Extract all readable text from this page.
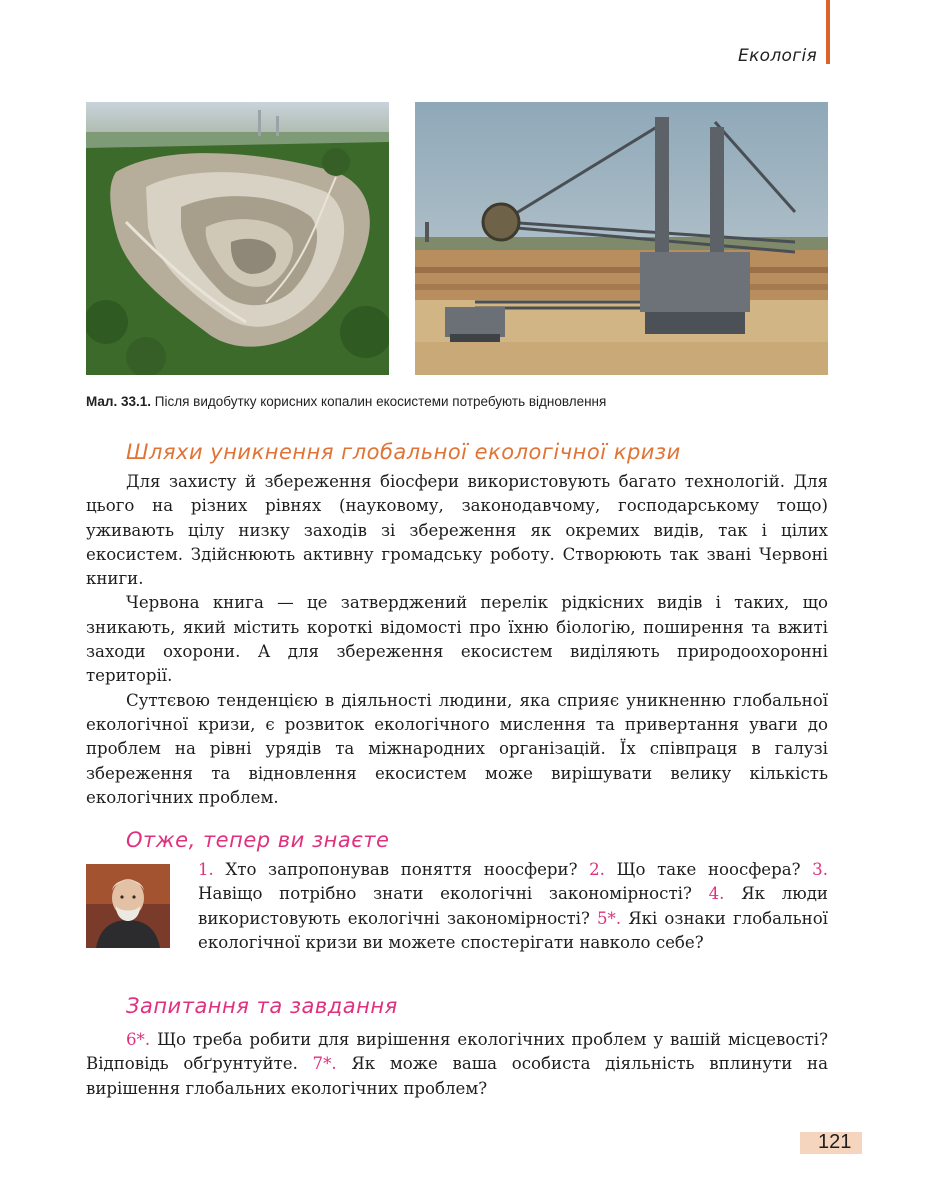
Екологія
Мал. 33.1. Після видобутку корисних копалин екосистеми потребують відновлення
Шляхи уникнення глобальної екологічної кризи

Для захисту й збереження біосфери використовують багато технологій. Для цього на різних рівнях (науковому, законодавчому, господарському тощо) уживають цілу низку заходів зі збереження як окремих видів, так і цілих екосистем. Здійснюють активну громадську роботу. Створюють так звані Червоні книги.

Червона книга — це затверджений перелік рідкісних видів і таких, що зникають, який містить короткі відомості про їхню біологію, поширення та вжиті заходи охорони. А для збереження екосистем виділяють природоохоронні території.

Суттєвою тенденцією в діяльності людини, яка сприяє уникненню глобальної екологічної кризи, є розвиток екологічного мислення та привертання уваги до проблем на рівні урядів та міжнародних організацій. Їх співпраця в галузі збереження та відновлення екосистем може вирішувати велику кількість екологічних проблем.

Отже, тепер ви знаєте
1. Хто запропонував поняття ноосфери? 2. Що таке ноосфера? 3. Навіщо потрібно знати екологічні закономірності? 4. Як люди використовують екологічні закономірності? 5*. Які ознаки глобальної екологічної кризи ви можете спостерігати навколо себе?
Запитання та завдання

6*. Що треба робити для вирішення екологічних проблем у вашій місцевості? Відповідь обґрунтуйте. 7*. Як може ваша особиста діяльність вплинути на вирішення глобальних екологічних проблем?

121
